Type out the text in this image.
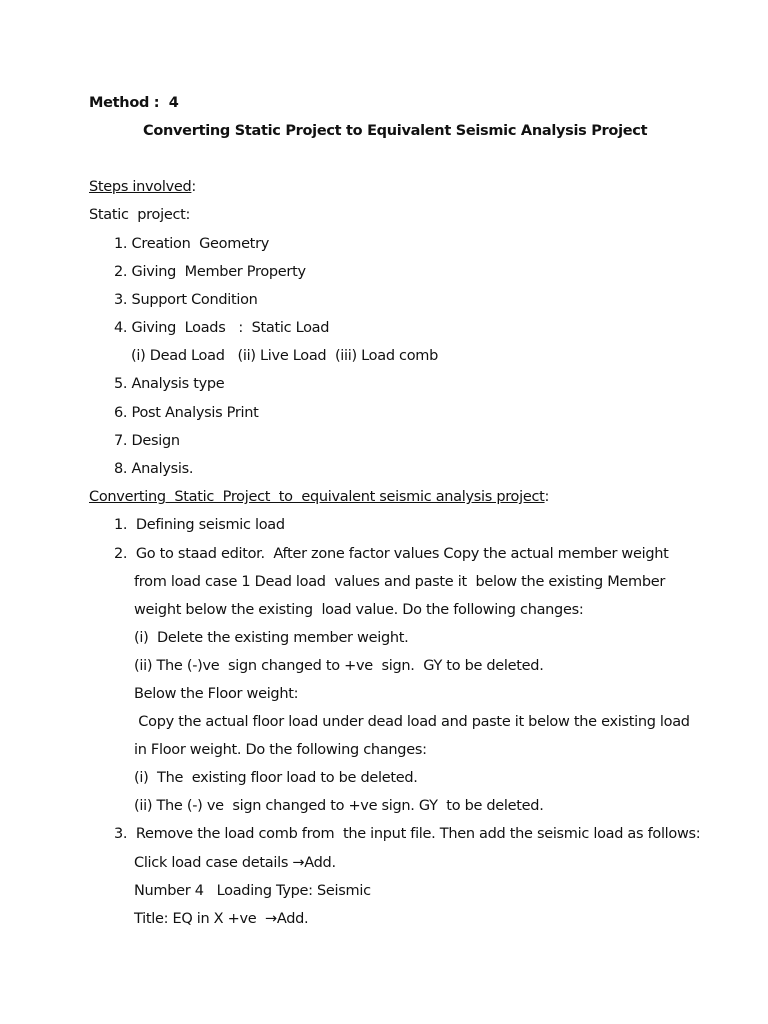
Method :  4
Converting Static Project to Equivalent Seismic Analysis Project
Steps involved:
Static  project:
1. Creation  Geometry
2. Giving  Member Property
3. Support Condition
4. Giving  Loads   :  Static Load
(i) Dead Load   (ii) Live Load  (iii) Load comb
5. Analysis type
6. Post Analysis Print
7. Design
8. Analysis.
Converting  Static  Project  to  equivalent seismic analysis project:
1.  Defining seismic load
2.  Go to staad editor.  After zone factor values Copy the actual member weight
from load case 1 Dead load  values and paste it  below the existing Member
weight below the existing  load value. Do the following changes:
(i)  Delete the existing member weight.
(ii) The (-)ve  sign changed to +ve  sign.  GY to be deleted.
Below the Floor weight:
Copy the actual floor load under dead load and paste it below the existing load
in Floor weight. Do the following changes:
(i)  The  existing floor load to be deleted.
(ii) The (-) ve  sign changed to +ve sign. GY  to be deleted.
3.  Remove the load comb from  the input file. Then add the seismic load as follows:
Click load case details →Add.
Number 4   Loading Type: Seismic
Title: EQ in X +ve  →Add.
